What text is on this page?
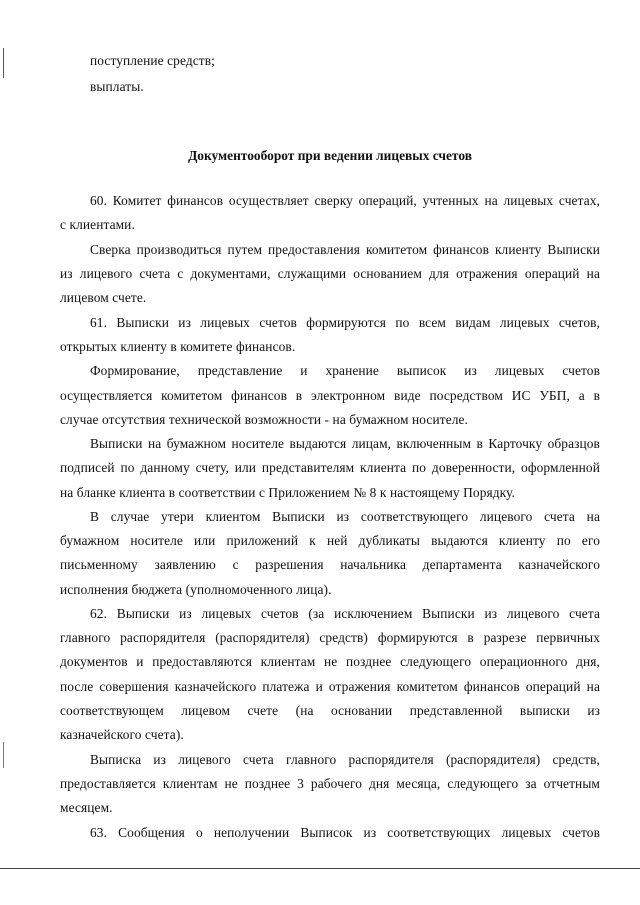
поступление средств;
выплаты.
Документооборот при ведении лицевых счетов
60. Комитет финансов осуществляет сверку операций, учтенных на лицевых счетах,
с клиентами.
Сверка производиться путем предоставления комитетом финансов клиенту Выписки
из лицевого счета с документами, служащими основанием для отражения операций на
лицевом счете.
61. Выписки из лицевых счетов формируются по всем видам лицевых счетов,
открытых клиенту в комитете финансов.
Формирование, представление и хранение выписок из лицевых счетов
осуществляется комитетом финансов в электронном виде посредством ИС УБП, а в
случае отсутствия технической возможности - на бумажном носителе.
Выписки на бумажном носителе выдаются лицам, включенным в Карточку образцов
подписей по данному счету, или представителям клиента по доверенности, оформленной
на бланке клиента в соответствии с Приложением № 8 к настоящему Порядку.
В случае утери клиентом Выписки из соответствующего лицевого счета на
бумажном носителе или приложений к ней дубликаты выдаются клиенту по его
письменному заявлению с разрешения начальника департамента казначейского
исполнения бюджета (уполномоченного лица).
62. Выписки из лицевых счетов (за исключением Выписки из лицевого счета
главного распорядителя (распорядителя) средств) формируются в разрезе первичных
документов и предоставляются клиентам не позднее следующего операционного дня,
после совершения казначейского платежа и отражения комитетом финансов операций на
соответствующем лицевом счете (на основании представленной выписки из
казначейского счета).
Выписка из лицевого счета главного распорядителя (распорядителя) средств,
предоставляется клиентам не позднее 3 рабочего дня месяца, следующего за отчетным
месяцем.
63. Сообщения о неполучении Выписок из соответствующих лицевых счетов
